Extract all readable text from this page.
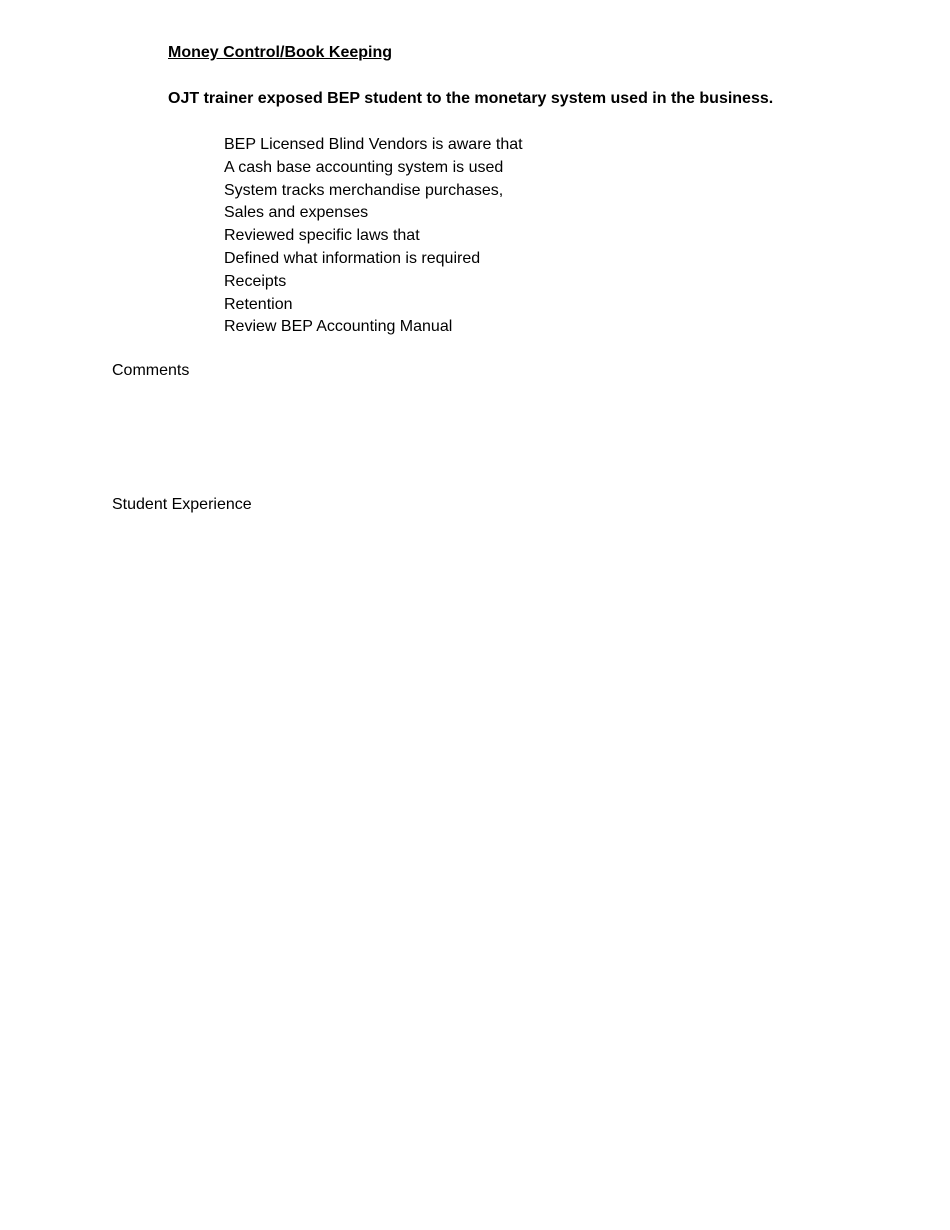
Money Control/Book Keeping
OJT trainer exposed BEP student to the monetary system used in the business.
BEP Licensed Blind Vendors is aware that
A cash base accounting system is used
System tracks merchandise purchases,
Sales and expenses
Reviewed specific laws that
Defined what information is required
Receipts
Retention
Review BEP Accounting Manual
Comments
Student Experience
